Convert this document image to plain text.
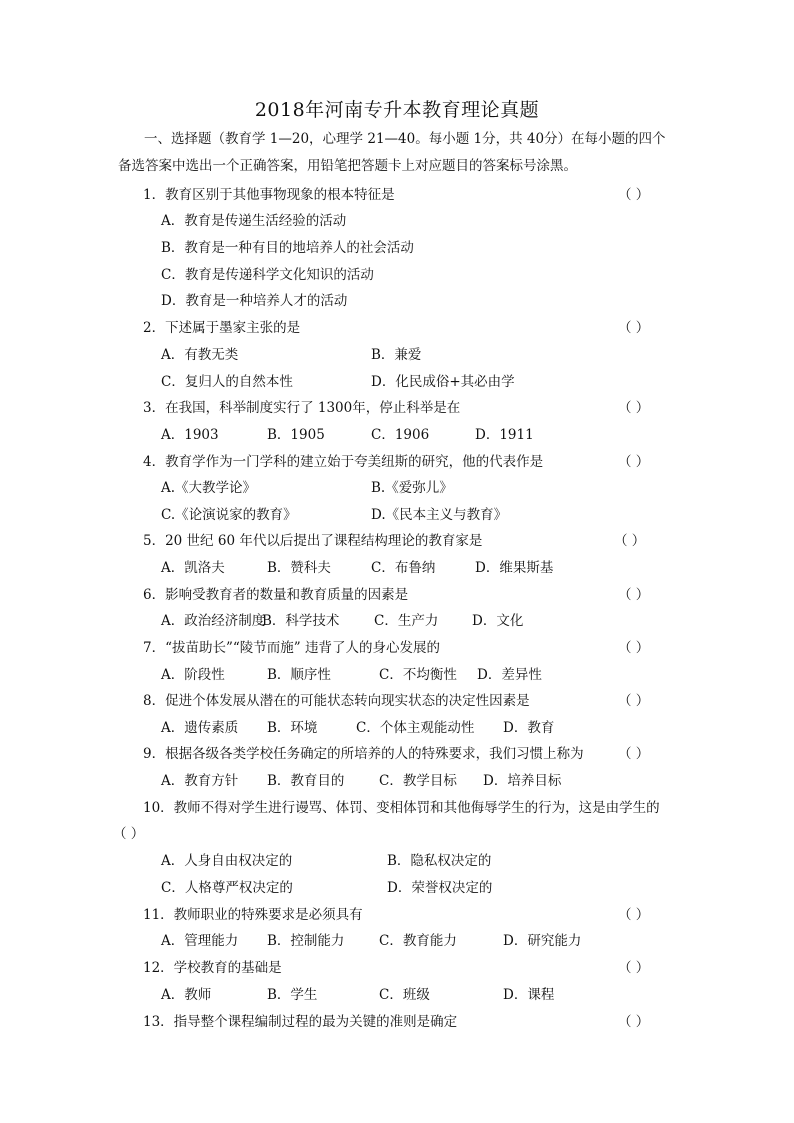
2018年河南专升本教育理论真题
一、选择题（教育学 1—20，心理学 21—40。每小题 1分，共 40分）在每小题的四个备选答案中选出一个正确答案，用铅笔把答题卡上对应题目的答案标号涂黑。
1．教育区别于其他事物现象的根本特征是	（ ）
A．教育是传递生活经验的活动
B．教育是一种有目的地培养人的社会活动
C．教育是传递科学文化知识的活动
D．教育是一种培养人才的活动
2．下述属于墨家主张的是	（ ）
A．有教无类	B．兼爱
C．复归人的自然本性	D．化民成俗+其必由学
3．在我国，科举制度实行了 1300年，停止科举是在	（ ）
A．1903	B．1905	C．1906	D．1911
4．教育学作为一门学科的建立始于夸美纽斯的研究，他的代表作是	（ ）
A.《大教学论》	B.《爱弥儿》
C.《论演说家的教育》	D.《民本主义与教育》
5．20 世纪 60 年代以后提出了课程结构理论的教育家是	（ ）
A．凯洛夫	B．赞科夫	C．布鲁纳	D．维果斯基
6．影响受教育者的数量和教育质量的因素是	（ ）
A．政治经济制度
B．科学技术	C．生产力 D．文化
7．“拔苗助长”“陵节而施” 违背了人的身心发展的	（ ）
A．阶段性	B．顺序性	C．不均衡性 D．差异性
8．促进个体发展从潜在的可能状态转向现实状态的决定性因素是	（ ）
A．遗传素质 B．环境	C．个体主观能动性 D．教育
9．根据各级各类学校任务确定的所培养的人的特殊要求，我们习惯上称为	（ ）
A．教育方针 B．教育目的	C．教学目标 D．培养目标
10．教师不得对学生进行谩骂、体罚、变相体罚和其他侮辱学生的行为，这是由学生的
（ ）
A．人身自由权决定的	B．隐私权决定的
C．人格尊严权决定的	D．荣誉权决定的
11．教师职业的特殊要求是必须具有	（ ）
A．管理能力 B．控制能力	C．教育能力	D．研究能力
12．学校教育的基础是	（ ）
A．教师	B．学生	C．班级	D．课程
13．指导整个课程编制过程的最为关键的准则是确定	（ ）
